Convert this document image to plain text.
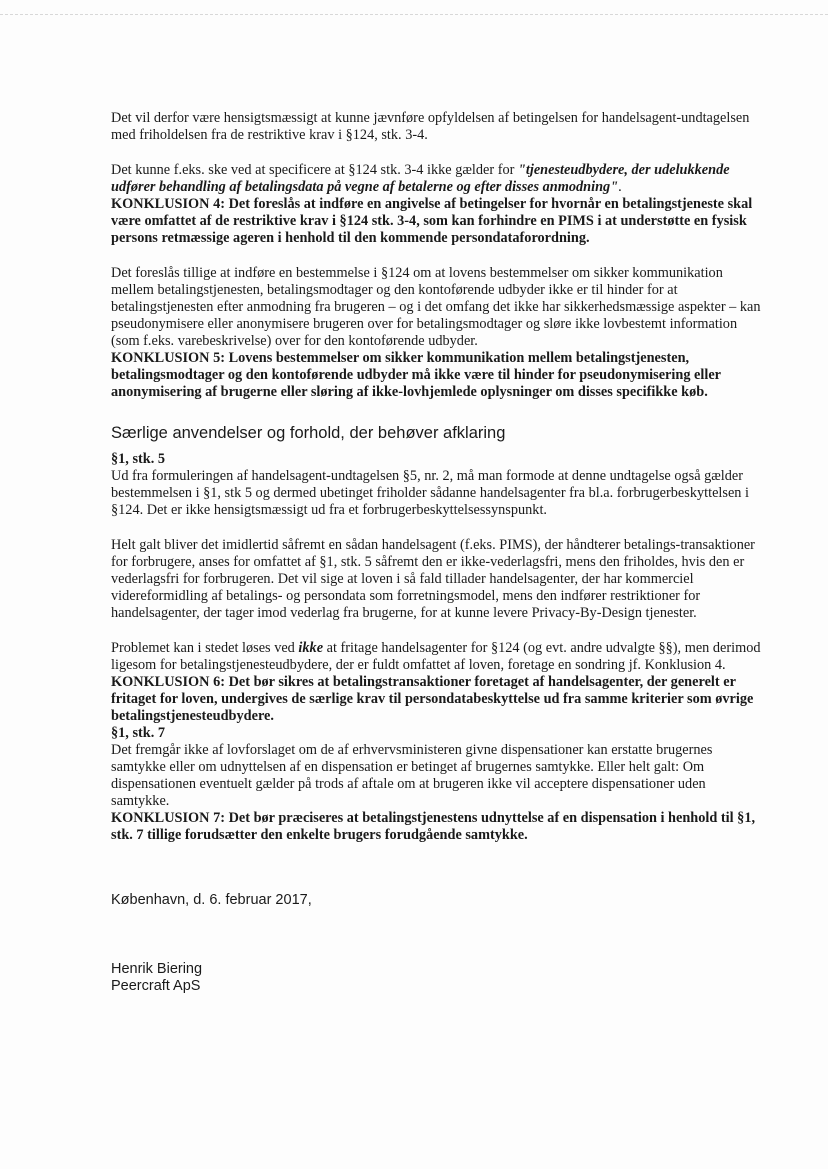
Det vil derfor være hensigtsmæssigt at kunne jævnføre opfyldelsen af betingelsen for handelsagent-undtagelsen med friholdelsen fra de restriktive krav i §124, stk. 3-4.

Det kunne f.eks. ske ved at specificere at §124 stk. 3-4 ikke gælder for "tjenesteudbydere, der udelukkende udfører behandling af betalingsdata på vegne af betalerne og efter disses anmodning".

KONKLUSION 4: Det foreslås at indføre en angivelse af betingelser for hvornår en betalingstjeneste skal være omfattet af de restriktive krav i §124 stk. 3-4, som kan forhindre en PIMS i at understøtte en fysisk persons retmæssige ageren i henhold til den kommende persondataforordning.

Det foreslås tillige at indføre en bestemmelse i §124 om at lovens bestemmelser om sikker kommunikation mellem betalingstjenesten, betalingsmodtager og den kontoførende udbyder ikke er til hinder for at betalingstjenesten efter anmodning fra brugeren – og i det omfang det ikke har sikkerhedsmæssige aspekter – kan pseudonymisere eller anonymisere brugeren over for betalingsmodtager og sløre ikke lovbestemt information (som f.eks. varebeskrivelse) over for den kontoførende udbyder.

KONKLUSION 5: Lovens bestemmelser om sikker kommunikation mellem betalingstjenesten, betalingsmodtager og den kontoførende udbyder må ikke være til hinder for pseudonymisering eller anonymisering af brugerne eller sløring af ikke-lovhjemlede oplysninger om disses specifikke køb.

Særlige anvendelser og forhold, der behøver afklaring

§1, stk. 5

Ud fra formuleringen af handelsagent-undtagelsen §5, nr. 2, må man formode at denne undtagelse også gælder bestemmelsen i §1, stk 5 og dermed ubetinget friholder sådanne handelsagenter fra bl.a. forbrugerbeskyttelsen i §124. Det er ikke hensigtsmæssigt ud fra et forbrugerbeskyttelsessynspunkt.

Helt galt bliver det imidlertid såfremt en sådan handelsagent (f.eks. PIMS), der håndterer betalings-transaktioner for forbrugere, anses for omfattet af §1, stk. 5 såfremt den er ikke-vederlagsfri, mens den friholdes, hvis den er vederlagsfri for forbrugeren. Det vil sige at loven i så fald tillader handelsagenter, der har kommerciel videreformidling af betalings- og persondata som forretningsmodel, mens den indfører restriktioner for handelsagenter, der tager imod vederlag fra brugerne, for at kunne levere Privacy-By-Design tjenester.

Problemet kan i stedet løses ved ikke at fritage handelsagenter for §124 (og evt. andre udvalgte §§), men derimod ligesom for betalingstjenesteudbydere, der er fuldt omfattet af loven, foretage en sondring jf. Konklusion 4.

KONKLUSION 6: Det bør sikres at betalingstransaktioner foretaget af handelsagenter, der generelt er fritaget for loven, undergives de særlige krav til persondatabeskyttelse ud fra samme kriterier som øvrige betalingstjenesteudbydere.

§1, stk. 7

Det fremgår ikke af lovforslaget om de af erhvervsministeren givne dispensationer kan erstatte brugernes samtykke eller om udnyttelsen af en dispensation er betinget af brugernes samtykke. Eller helt galt: Om dispensationen eventuelt gælder på trods af aftale om at brugeren ikke vil acceptere dispensationer uden samtykke.

KONKLUSION 7: Det bør præciseres at betalingstjenestens udnyttelse af en dispensation i henhold til §1, stk. 7 tillige forudsætter den enkelte brugers forudgående samtykke.

København, d. 6. februar 2017,

Henrik Biering

Peercraft ApS
